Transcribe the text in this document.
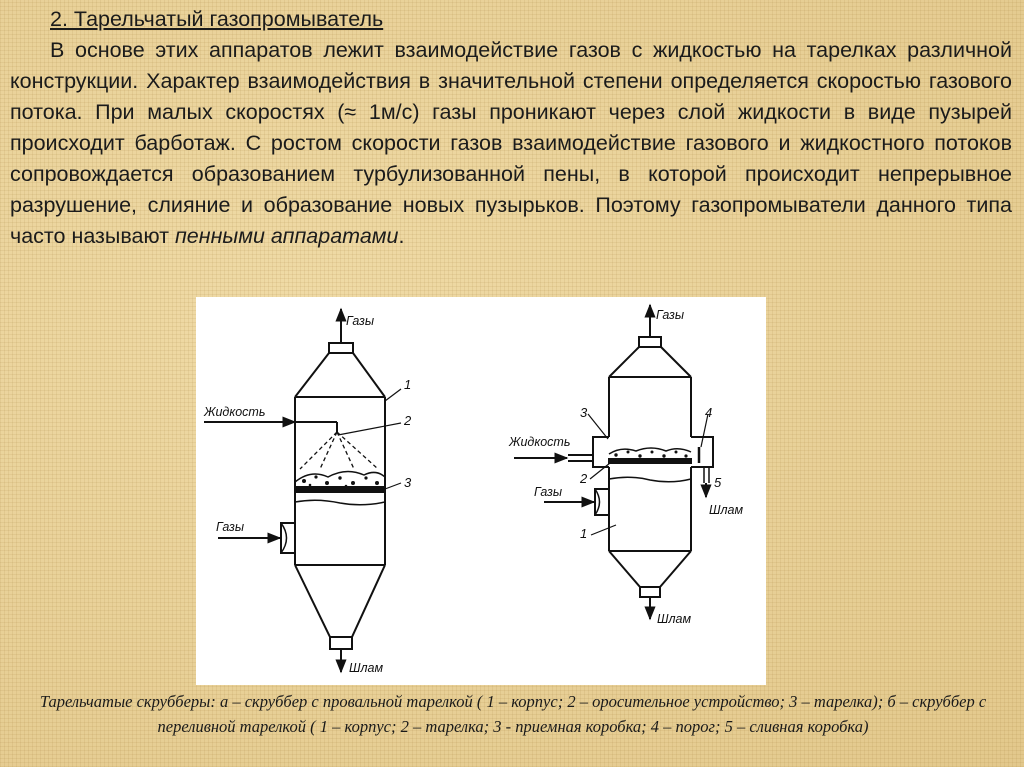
2. Тарельчатый газопромыватель
В основе этих аппаратов лежит взаимодействие газов с жидкостью на тарелках различной конструкции. Характер взаимодействия в значительной степени определяется скоростью газового потока. При малых скоростях (≈ 1м/с) газы проникают через слой жидкости в виде пузырей происходит барботаж. С ростом скорости газов взаимодействие газового и жидкостного потоков сопровождается образованием турбулизованной пены, в которой происходит непрерывное разрушение, слияние и образование новых пузырьков. Поэтому газопромыватели данного типа часто называют пенными аппаратами.
Газы
Жидкость
Газы
Шлам
1
2
3
Газы
Жидкость
Газы
Шлам
Шлам
1
2
3	4
5
Тарельчатые скрубберы: а – скруббер с провальной тарелкой ( 1 – корпус; 2 – оросительное устройство; 3 – тарелка); б – скруббер с переливной тарелкой ( 1 – корпус; 2 – тарелка; 3 - приемная коробка; 4 – порог; 5 – сливная коробка)
